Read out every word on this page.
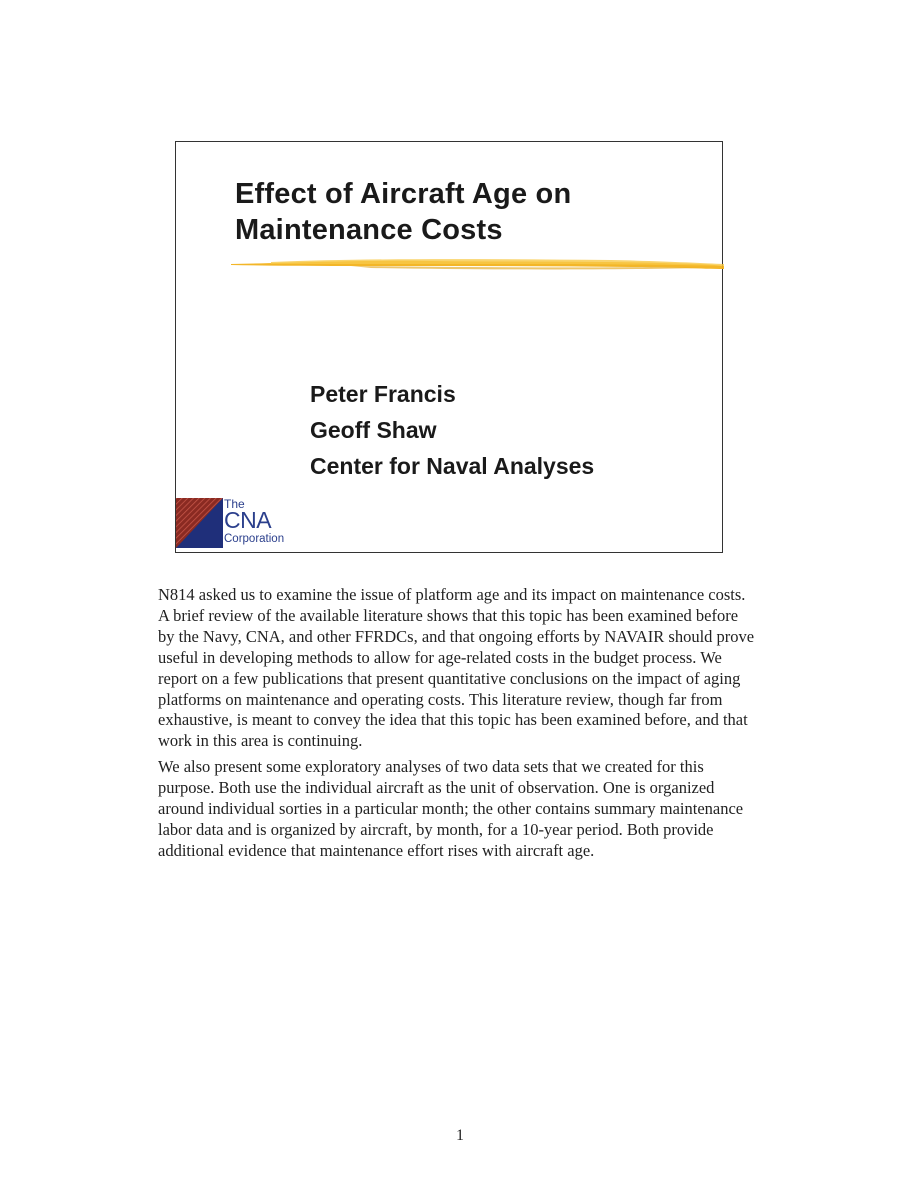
Effect of Aircraft Age on
Maintenance Costs
Peter Francis
Geoff Shaw
Center for Naval Analyses
The
CNA
Corporation

N814 asked us to examine the issue of platform age and its impact on maintenance costs. A brief review of the available literature shows that this topic has been examined before by the Navy, CNA, and other FFRDCs, and that ongoing efforts by NAVAIR should prove useful in developing methods to allow for age-related costs in the budget process. We report on a few publications that present quantitative conclusions on the impact of aging platforms on maintenance and operating costs. This literature review, though far from exhaustive, is meant to convey the idea that this topic has been examined before, and that work in this area is continuing.

We also present some exploratory analyses of two data sets that we created for this purpose. Both use the individual aircraft as the unit of observation. One is organized around individual sorties in a particular month; the other contains summary maintenance labor data and is organized by aircraft, by month, for a 10-year period. Both provide additional evidence that maintenance effort rises with aircraft age.

1
